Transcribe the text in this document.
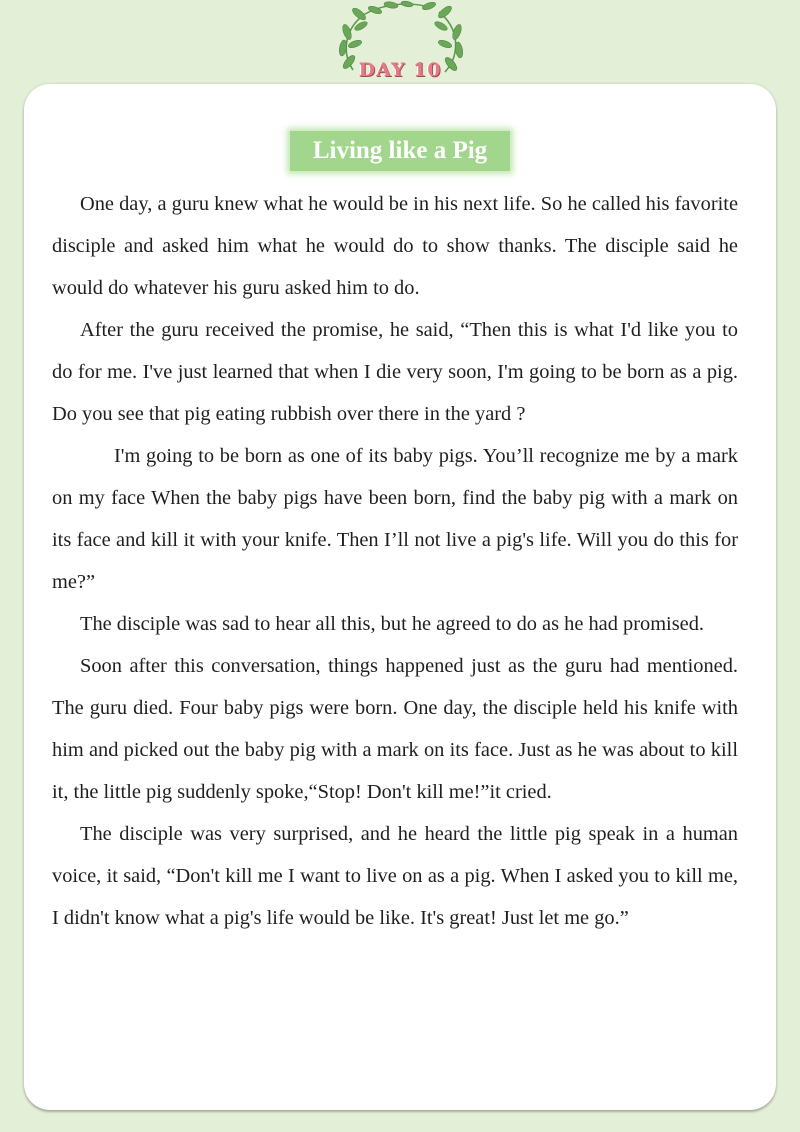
DAY 10
Living like a Pig

One day, a guru knew what he would be in his next life. So he called his favorite disciple and asked him what he would do to show thanks. The disciple said he would do whatever his guru asked him to do.

After the guru received the promise, he said, “Then this is what I'd like you to do for me. I've just learned that when I die very soon, I'm going to be born as a pig. Do you see that pig eating rubbish over there in the yard ?

I'm going to be born as one of its baby pigs. You’ll recognize me by a mark on my face When the baby pigs have been born, find the baby pig with a mark on its face and kill it with your knife. Then I’ll not live a pig's life. Will you do this for me?”

The disciple was sad to hear all this, but he agreed to do as he had promised.

Soon after this conversation, things happened just as the guru had mentioned. The guru died. Four baby pigs were born. One day, the disciple held his knife with him and picked out the baby pig with a mark on its face. Just as he was about to kill it, the little pig suddenly spoke,“Stop! Don't kill me!”it cried.

The disciple was very surprised, and he heard the little pig speak in a human voice, it said, “Don't kill me I want to live on as a pig. When I asked you to kill me, I didn't know what a pig's life would be like. It's great! Just let me go.”
